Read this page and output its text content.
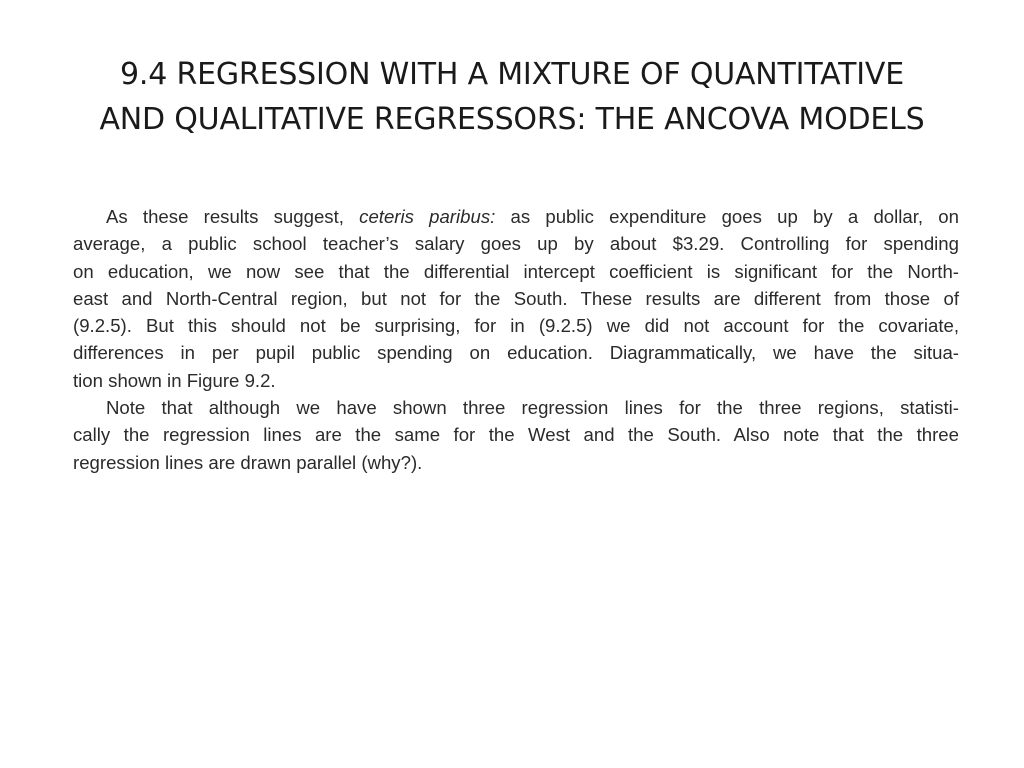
9.4 REGRESSION WITH A MIXTURE OF QUANTITATIVE
AND QUALITATIVE REGRESSORS: THE ANCOVA MODELS
As these results suggest, ceteris paribus: as public expenditure goes up by a dollar, on
average, a public school teacher’s salary goes up by about $3.29. Controlling for spending
on education, we now see that the differential intercept coefficient is significant for the North-
east and North-Central region, but not for the South. These results are different from those of
(9.2.5). But this should not be surprising, for in (9.2.5) we did not account for the covariate,
differences in per pupil public spending on education. Diagrammatically, we have the situa-
tion shown in Figure 9.2.
Note that although we have shown three regression lines for the three regions, statisti-
cally the regression lines are the same for the West and the South. Also note that the three
regression lines are drawn parallel (why?).
